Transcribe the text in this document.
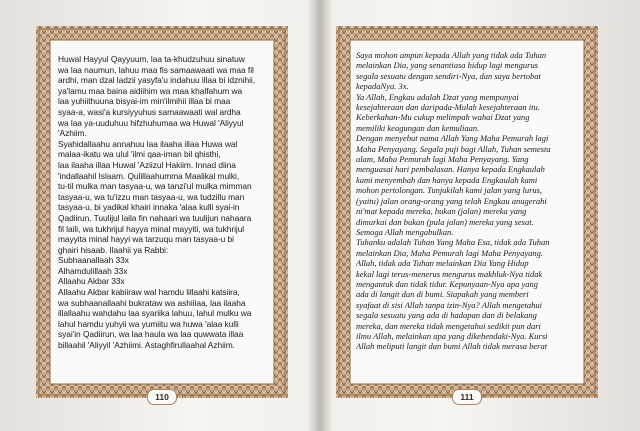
Huwal Hayyul Qayyuum, laa ta-khudzuhuu sinatuw
wa laa naumun, lahuu maa fis samaawaati wa maa fil
ardhi, man dzal ladzii yasyfa'u indahuu illaa bi idznihii,
ya'lamu maa baina aidiihim wa maa khalfahum wa
laa yuhiithuuna bisyai-im min'ilmihii illaa bi maa
syaa-a, wasi'a kursiyyuhus samaawaati wal ardha
wa laa ya-uuduhuu hifzhuhumaa wa Huwal 'Aliyyul
'Azhiim.
Syahidallaahu annahuu laa ilaaha illaa Huwa wal
malaa-ikatu wa ulul 'ilmi qaa-iman bil qhisthi,
laa ilaaha illaa Huwal 'Aziizul Hakiim. Innad diina
'indallaahil Islaam. Qulillaahumma Maalikal mulki,
tu-til mulka man tasyaa-u, wa tanzi'ul mulka mimman
tasyaa-u, wa tu'izzu man tasyaa-u, wa tudzillu man
tasyaa-u, bi yadikal khairi innaka 'alaa kulli syai-in
Qadiirun. Tuulijul laila fin nahaari wa tuulijun nahaara
fil laili, wa tukhrijul hayya minal mayyiti, wa tukhrijul
mayyita minal hayyi wa tarzuqu man tasyaa-u bi
ghairi hisaab. Ilaahii ya Rabbi:
Subhaanallaah 33x
Alhamdulillaah 33x
Allaahu Akbar 33x
Allaahu Akbar kabiiraw wal hamdu lillaahi katsiira,
wa subhaanallaahi bukrataw wa ashiilaa, laa ilaaha
illallaahu wahdahu laa syariika lahuu, lahul mulku wa
lahul hamdu yuhyii wa yumiitu wa huwa 'alaa kulli
syai'in Qadiirun, wa laa haula wa laa quwwata illaa
billaahil 'Aliyyil 'Azhiimi. Astaghfirullaahal Azhiim.
110
Saya mohon ampun kepada Allah yang tidak ada Tuhan
melainkan Dia, yang senantiasa hidup lagi mengurus
segala sesuatu dengan sendiri-Nya, dan saya bertobat
kepadaNya. 3x.
Ya Allah, Engkau adalah Dzat yang mempunyai
kesejahteraan dan daripada-Mulah kesejahteraan itu.
Keberkahan-Mu cukup melimpah wahai Dzat yang
memiliki keagungan dan kemuliaan.
Dengan menyebut nama Allah Yang Maha Pemurah lagi
Maha Penyayang. Segala puji bagi Allah, Tuhan semesta
alam, Maha Pemurah lagi Maha Penyayang. Yang
menguasai hari pembalasan. Hanya kepada Engkaulah
kami menyembah dan hanya kepada Engkaulah kami
mohon pertolongan. Tunjukilah kami jalan yang lurus,
(yaitu) jalan orang-orang yang telah Engkau anugerahi
ni'mat kepada mereka, bukan (jalan) mereka yang
dimurkai dan bukan (pula jalan) mereka yang sesat.
Semoga Allah mengabulkan.
Tuhanku adalah Tuhan Yang Maha Esa, tidak ada Tuhan
melainkan Dia, Maha Pemurah lagi Maha Penyayang.
Allah, tidak ada Tuhan melainkan Dia Yang Hidup
kekal lagi terus-menerus mengurus makhluk-Nya tidak
mengantuk dan tidak tidur. Kepunyaan-Nya apa yang
ada di langit dan di bumi. Siapakah yang memberi
syafaat di sisi Allah tanpa izin-Nya? Allah mengetahui
segala sesuatu yang ada di hadapan dan di belakang
mereka, dan mereka tidak mengetahui sedikit pun dari
ilmu Allah, melainkan apa yang dikehendaki-Nya. Kursi
Allah meliputi langit dan bumi Allah tidak merasa berat
111
